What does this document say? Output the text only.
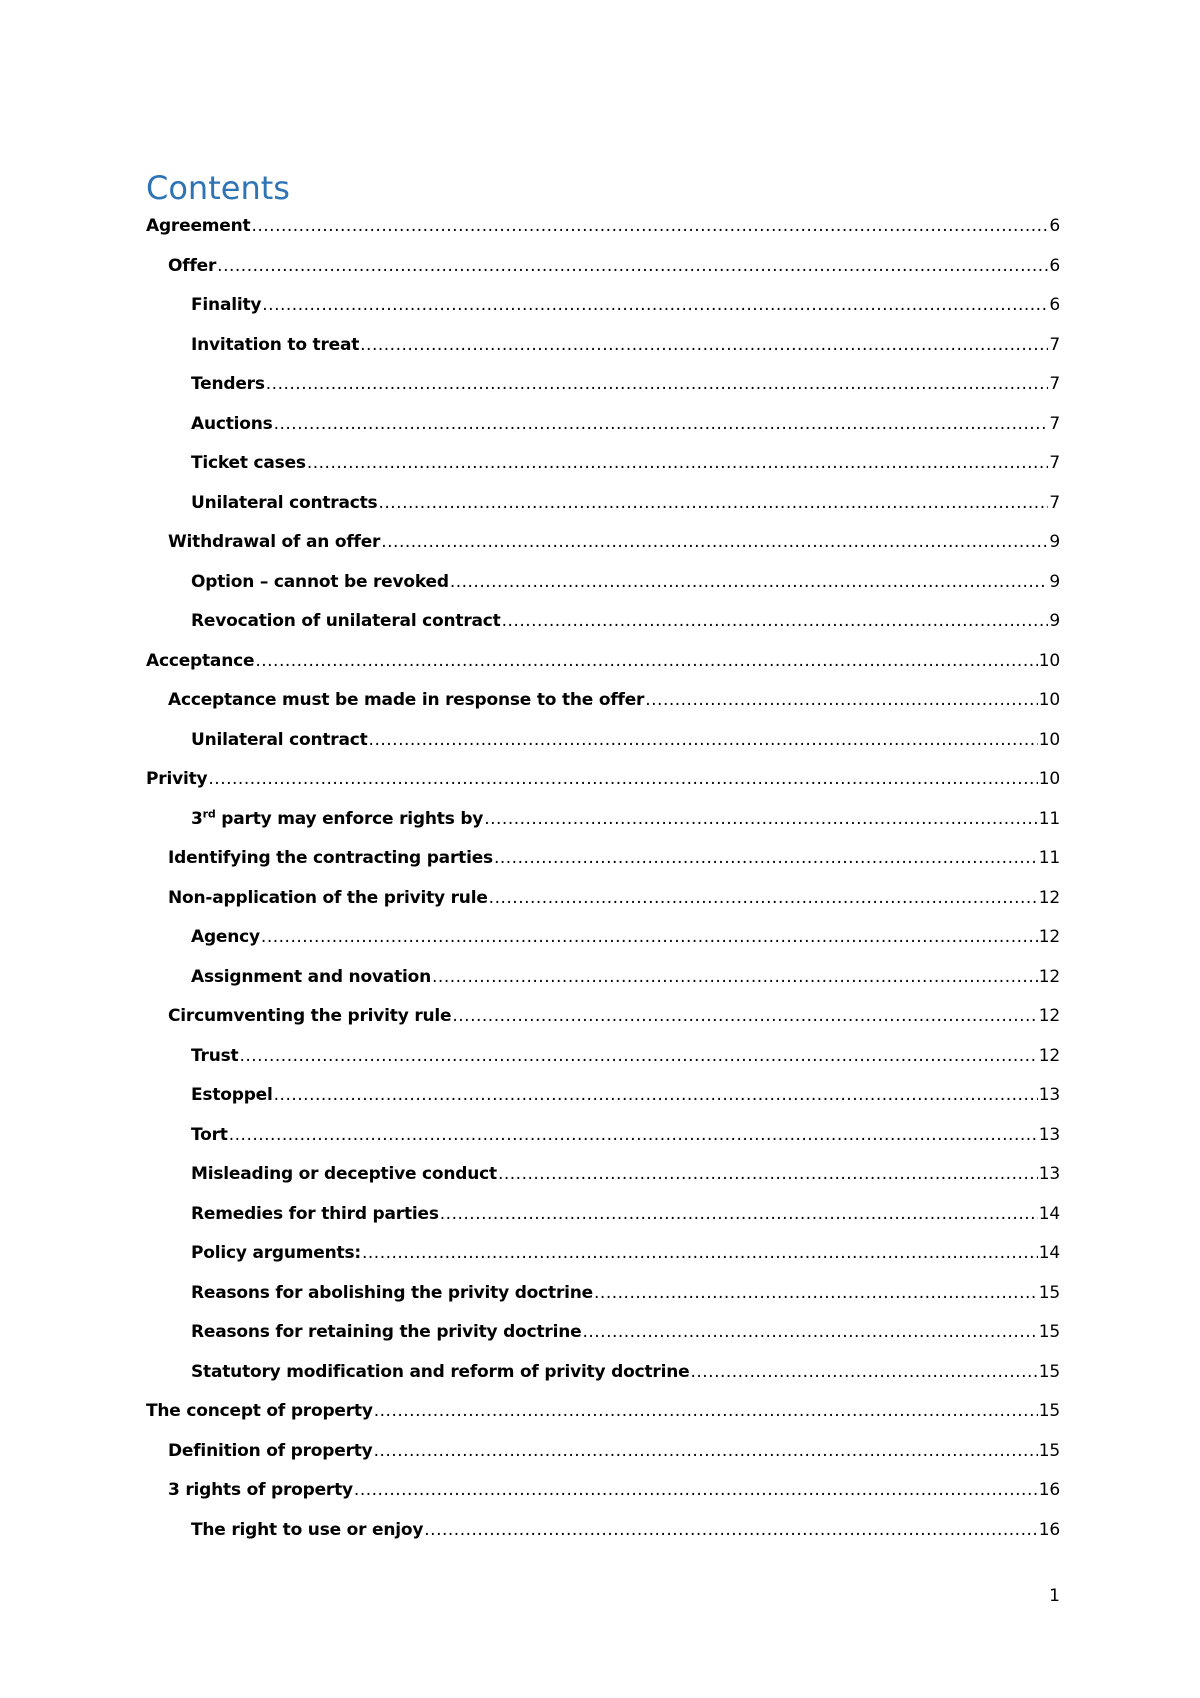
Contents
Agreement .....	6
Offer .....	6
Finality .....	6
Invitation to treat .....	7
Tenders .....	7
Auctions .....	7
Ticket cases .....	7
Unilateral contracts .....	7
Withdrawal of an offer .....	9
Option – cannot be revoked .....	9
Revocation of unilateral contract .....	9
Acceptance .....	10
Acceptance must be made in response to the offer .....	10
Unilateral contract .....	10
Privity .....	10
3rd party may enforce rights by .....	11
Identifying the contracting parties .....	11
Non-application of the privity rule .....	12
Agency .....	12
Assignment and novation .....	12
Circumventing the privity rule .....	12
Trust .....	12
Estoppel .....	13
Tort .....	13
Misleading or deceptive conduct .....	13
Remedies for third parties .....	14
Policy arguments: .....	14
Reasons for abolishing the privity doctrine .....	15
Reasons for retaining the privity doctrine .....	15
Statutory modification and reform of privity doctrine .....	15
The concept of property .....	15
Definition of property .....	15
3 rights of property .....	16
The right to use or enjoy .....	16
1
